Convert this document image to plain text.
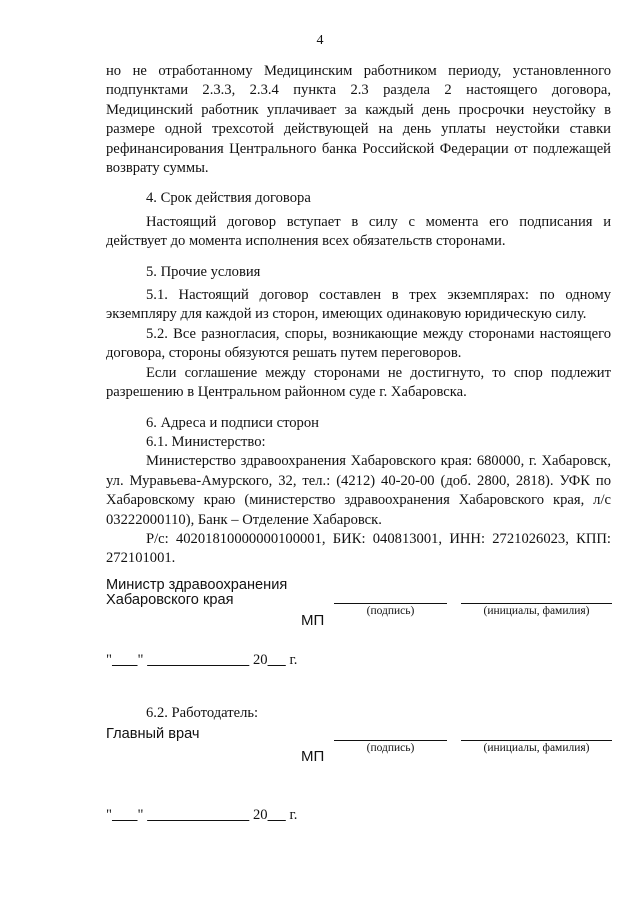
4

но не отработанному Медицинским работником периоду, установленного подпунктами 2.3.3, 2.3.4 пункта 2.3 раздела 2 настоящего договора, Медицинский работник уплачивает за каждый день просрочки неустойку в размере одной трехсотой действующей на день уплаты неустойки ставки рефинансирования Центрального банка Российской Федерации от подлежащей возврату суммы.

4. Срок действия договора

Настоящий договор вступает в силу с момента его подписания и действует до момента исполнения всех обязательств сторонами.

5. Прочие условия

5.1. Настоящий договор составлен в трех экземплярах: по одному экземпляру для каждой из сторон, имеющих одинаковую юридическую силу.

5.2. Все разногласия, споры, возникающие между сторонами настоящего договора, стороны обязуются решать путем переговоров.

Если соглашение между сторонами не достигнуто, то спор подлежит разрешению в Центральном районном суде г. Хабаровска.

6. Адреса и подписи сторон

6.1. Министерство:

Министерство здравоохранения Хабаровского края: 680000, г. Хабаровск, ул. Муравьева-Амурского, 32, тел.: (4212) 40-20-00 (доб. 2800, 2818). УФК по Хабаровскому краю (министерство здравоохранения Хабаровского края, л/с 03222000110), Банк – Отделение Хабаровск.

Р/с: 40201810000000100001, БИК: 040813001, ИНН: 2721026023, КПП: 272101001.

Министр здравоохранения
Хабаровского края
(подпись)	(инициалы, фамилия)
МП
" "	20 г.
6.2. Работодатель:
Главный врач
(подпись)	(инициалы, фамилия)
МП
" "	20 г.
